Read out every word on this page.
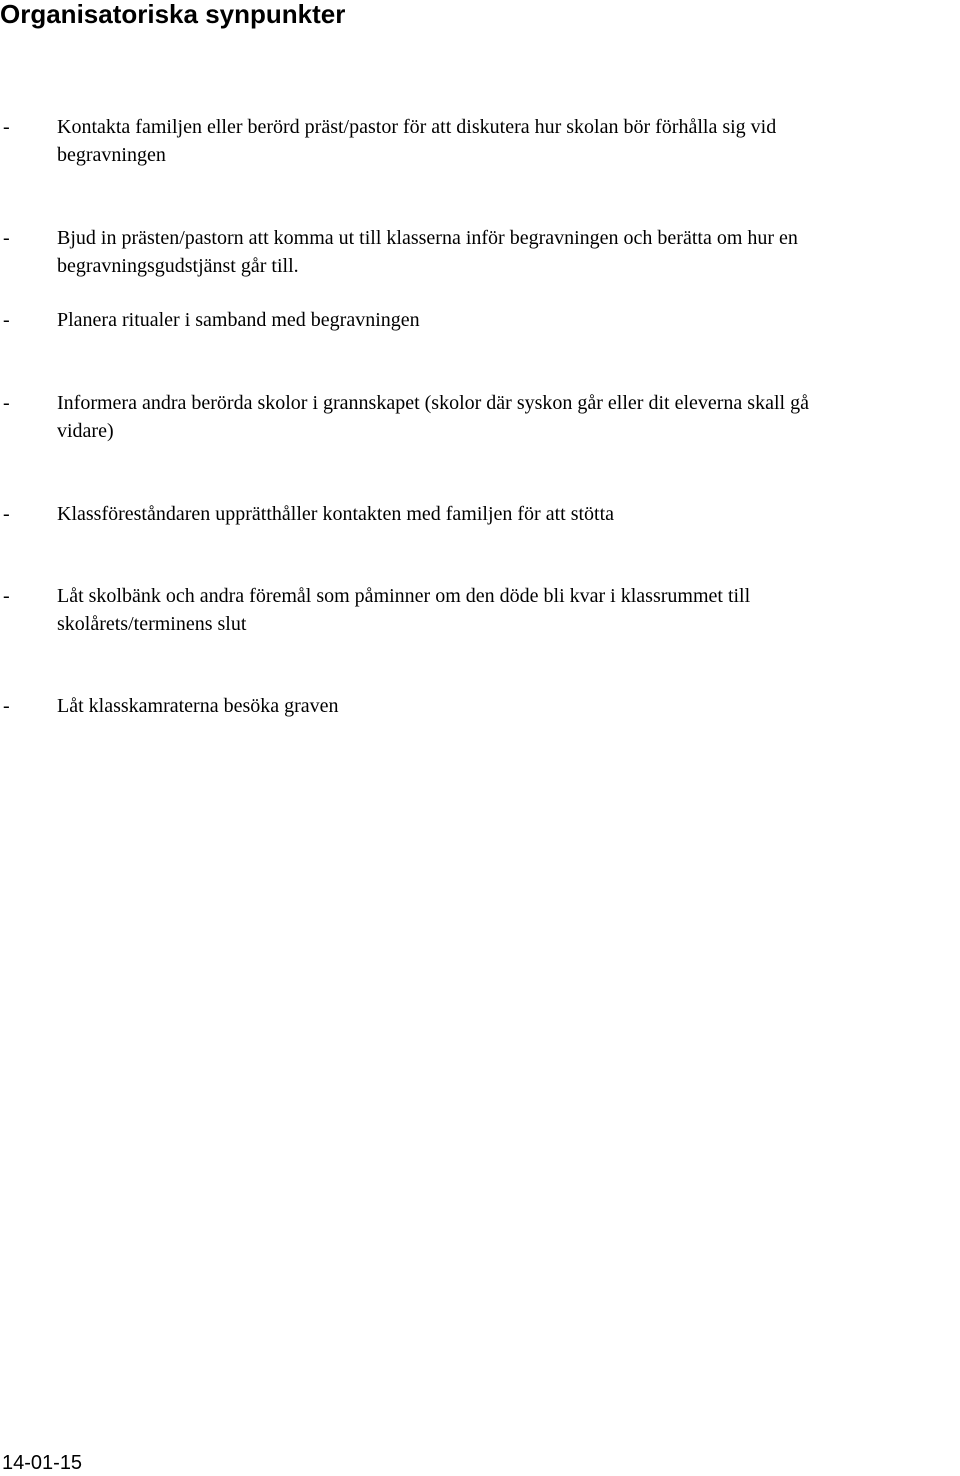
Organisatoriska synpunkter
- Kontakta familjen eller berörd präst/pastor för att diskutera hur skolan bör förhålla sig vid
begravningen
- Bjud in prästen/pastorn att komma ut till klasserna inför begravningen och berätta om hur en
begravningsgudstjänst går till.
- Planera ritualer i samband med begravningen
- Informera andra berörda skolor i grannskapet (skolor där syskon går eller dit eleverna skall gå
vidare)
- Klassföreståndaren upprätthåller kontakten med familjen för att stötta
- Låt skolbänk och andra föremål som påminner om den döde bli kvar i klassrummet till
skolårets/terminens slut
- Låt klasskamraterna besöka graven
14-01-15
